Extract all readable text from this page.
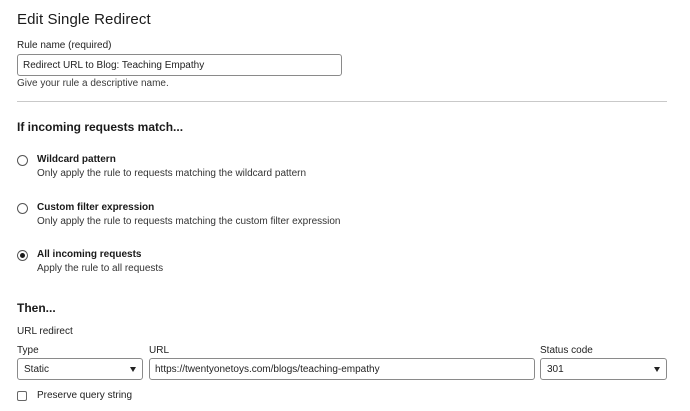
Edit Single Redirect
Rule name (required)
Redirect URL to Blog: Teaching Empathy
Give your rule a descriptive name.
If incoming requests match...
Wildcard pattern
Only apply the rule to requests matching the wildcard pattern
Custom filter expression
Only apply the rule to requests matching the custom filter expression
All incoming requests
Apply the rule to all requests
Then...
URL redirect
Type
Static
URL
https://twentyonetoys.com/blogs/teaching-empathy	Status code
301
Preserve query string
